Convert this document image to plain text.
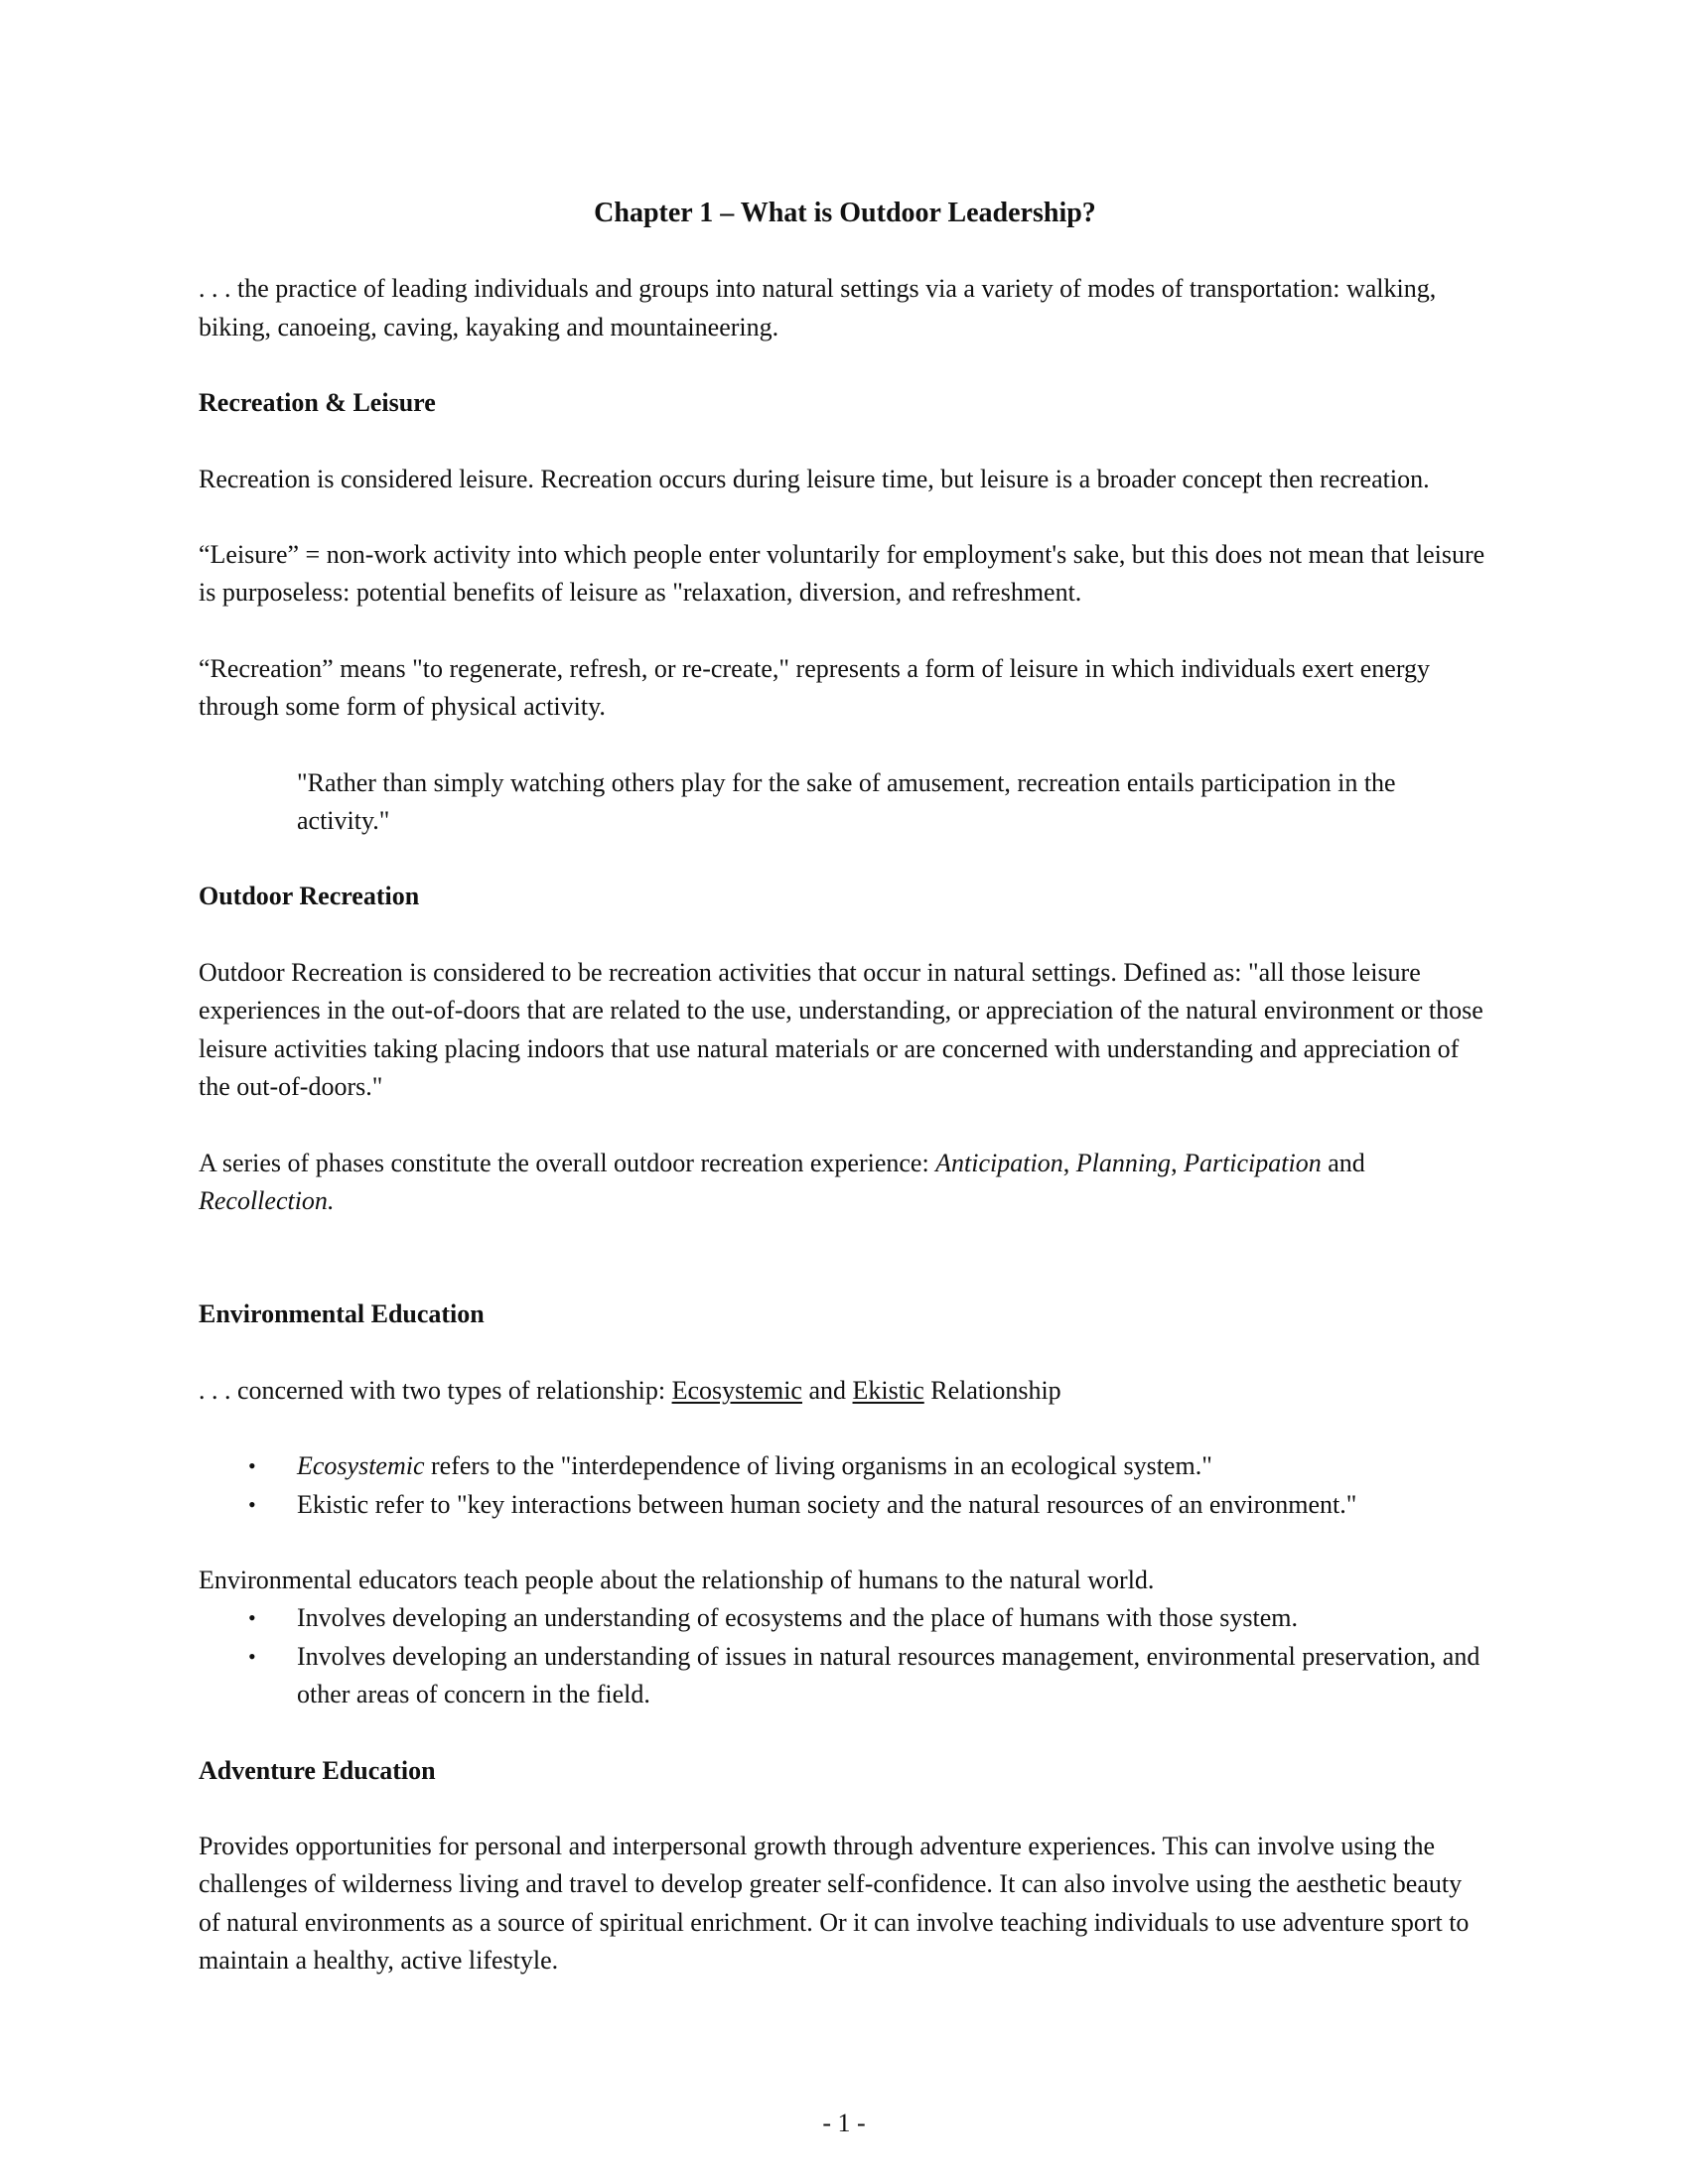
Chapter 1 – What is Outdoor Leadership?

. . . the practice of leading individuals and groups into natural settings via a variety of modes of transportation: walking, biking, canoeing, caving, kayaking and mountaineering.

Recreation & Leisure

Recreation is considered leisure. Recreation occurs during leisure time, but leisure is a broader concept then recreation.

“Leisure” = non-work activity into which people enter voluntarily for employment's sake, but this does not mean that leisure is purposeless: potential benefits of leisure as "relaxation, diversion, and refreshment.

“Recreation” means "to regenerate, refresh, or re-create," represents a form of leisure in which individuals exert energy through some form of physical activity.

"Rather than simply watching others play for the sake of amusement, recreation entails participation in the activity."

Outdoor Recreation

Outdoor Recreation is considered to be recreation activities that occur in natural settings. Defined as: "all those leisure experiences in the out-of-doors that are related to the use, understanding, or appreciation of the natural environment or those leisure activities taking placing indoors that use natural materials or are concerned with understanding and appreciation of the out-of-doors."

A series of phases constitute the overall outdoor recreation experience: Anticipation, Planning, Participation and Recollection.

Environmental Education

. . . concerned with two types of relationship: Ecosystemic and Ekistic Relationship

• Ecosystemic refers to the "interdependence of living organisms in an ecological system."
• Ekistic refer to "key interactions between human society and the natural resources of an environment."

Environmental educators teach people about the relationship of humans to the natural world.

• Involves developing an understanding of ecosystems and the place of humans with those system.
• Involves developing an understanding of issues in natural resources management, environmental preservation, and other areas of concern in the field.

Adventure Education

Provides opportunities for personal and interpersonal growth through adventure experiences. This can involve using the challenges of wilderness living and travel to develop greater self-confidence. It can also involve using the aesthetic beauty of natural environments as a source of spiritual enrichment. Or it can involve teaching individuals to use adventure sport to maintain a healthy, active lifestyle.

- 1 -
